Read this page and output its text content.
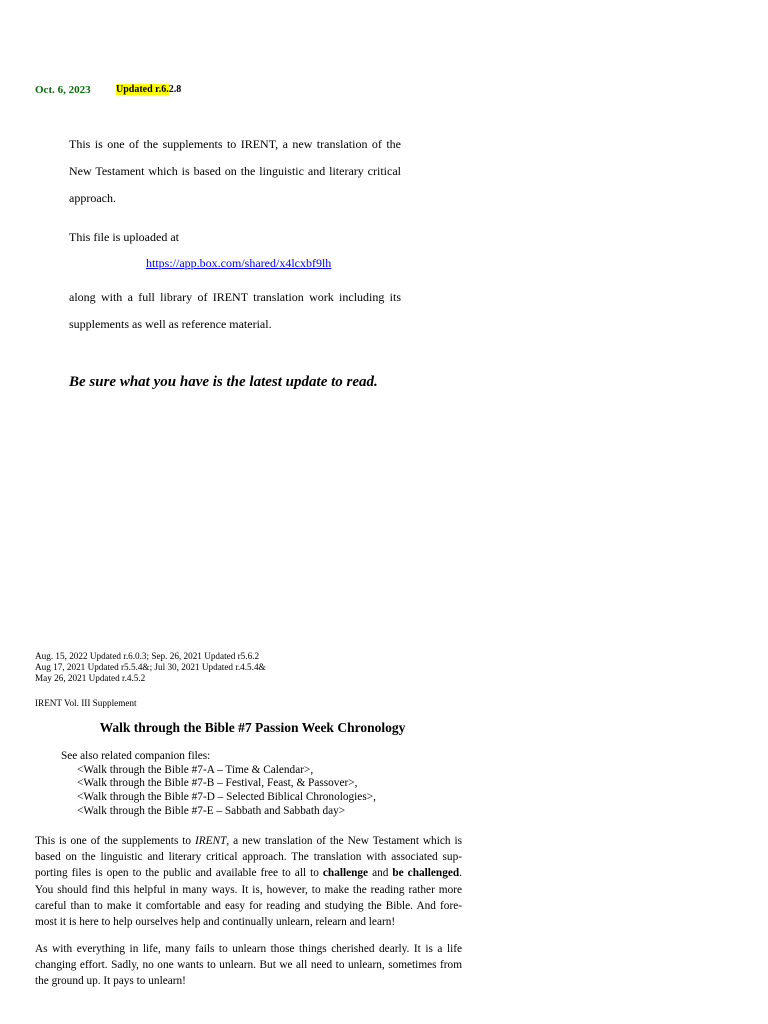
Oct. 6, 2023	Updated r.6.2.8
This is one of the supplements to IRENT, a new translation of the New Testament which is based on the linguistic and literary critical approach.
This file is uploaded at
https://app.box.com/shared/x4lcxbf9lh
along with a full library of IRENT translation work including its supplements as well as reference material.
Be sure what you have is the latest update to read.
Aug. 15, 2022 Updated r.6.0.3; Sep. 26, 2021 Updated r5.6.2
Aug 17, 2021 Updated r5.5.4&; Jul 30, 2021 Updated r.4.5.4&
May 26, 2021 Updated r.4.5.2
IRENT Vol. III Supplement
Walk through the Bible #7 Passion Week Chronology
See also related companion files:
<Walk through the Bible #7-A – Time & Calendar>,
<Walk through the Bible #7-B – Festival, Feast, & Passover>,
<Walk through the Bible #7-D – Selected Biblical Chronologies>,
<Walk through the Bible #7-E – Sabbath and Sabbath day>
This is one of the supplements to IRENT, a new translation of the New Testament which is based on the linguistic and literary critical approach. The translation with associated sup-porting files is open to the public and available free to all to challenge and be challenged. You should find this helpful in many ways. It is, however, to make the reading rather more careful than to make it comfortable and easy for reading and studying the Bible. And fore-most it is here to help ourselves help and continually unlearn, relearn and learn!
As with everything in life, many fails to unlearn those things cherished dearly. It is a life changing effort. Sadly, no one wants to unlearn. But we all need to unlearn, sometimes from the ground up. It pays to unlearn!
